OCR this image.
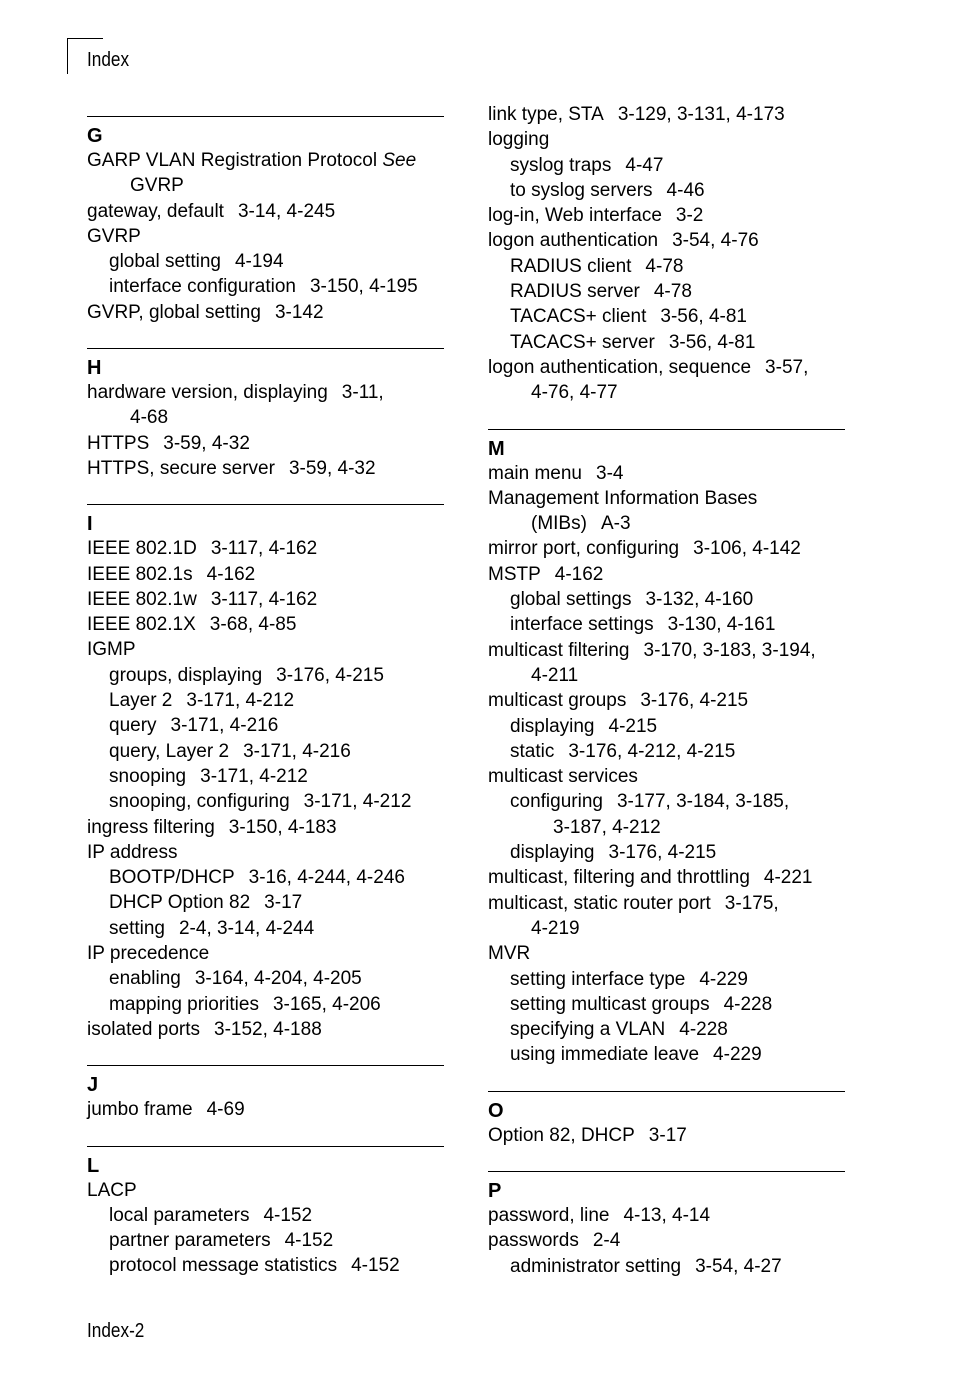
Index
G
GARP VLAN Registration Protocol See
GVRP
gateway, default 3-14, 4-245
GVRP
global setting 4-194
interface configuration 3-150, 4-195
GVRP, global setting 3-142
H
hardware version, displaying 3-11,
4-68
HTTPS 3-59, 4-32
HTTPS, secure server 3-59, 4-32
I
IEEE 802.1D 3-117, 4-162
IEEE 802.1s 4-162
IEEE 802.1w 3-117, 4-162
IEEE 802.1X 3-68, 4-85
IGMP
groups, displaying 3-176, 4-215
Layer 2 3-171, 4-212
query 3-171, 4-216
query, Layer 2 3-171, 4-216
snooping 3-171, 4-212
snooping, configuring 3-171, 4-212
ingress filtering 3-150, 4-183
IP address
BOOTP/DHCP 3-16, 4-244, 4-246
DHCP Option 82 3-17
setting 2-4, 3-14, 4-244
IP precedence
enabling 3-164, 4-204, 4-205
mapping priorities 3-165, 4-206
isolated ports 3-152, 4-188
J
jumbo frame 4-69
L
LACP
local parameters 4-152
partner parameters 4-152
protocol message statistics 4-152
link type, STA 3-129, 3-131, 4-173
logging
syslog traps 4-47
to syslog servers 4-46
log-in, Web interface 3-2
logon authentication 3-54, 4-76
RADIUS client 4-78
RADIUS server 4-78
TACACS+ client 3-56, 4-81
TACACS+ server 3-56, 4-81
logon authentication, sequence 3-57,
4-76, 4-77
M
main menu 3-4
Management Information Bases
(MIBs) A-3
mirror port, configuring 3-106, 4-142
MSTP 4-162
global settings 3-132, 4-160
interface settings 3-130, 4-161
multicast filtering 3-170, 3-183, 3-194,
4-211
multicast groups 3-176, 4-215
displaying 4-215
static 3-176, 4-212, 4-215
multicast services
configuring 3-177, 3-184, 3-185,
3-187, 4-212
displaying 3-176, 4-215
multicast, filtering and throttling 4-221
multicast, static router port 3-175,
4-219
MVR
setting interface type 4-229
setting multicast groups 4-228
specifying a VLAN 4-228
using immediate leave 4-229
O
Option 82, DHCP 3-17
P
password, line 4-13, 4-14
passwords 2-4
administrator setting 3-54, 4-27
Index-2
